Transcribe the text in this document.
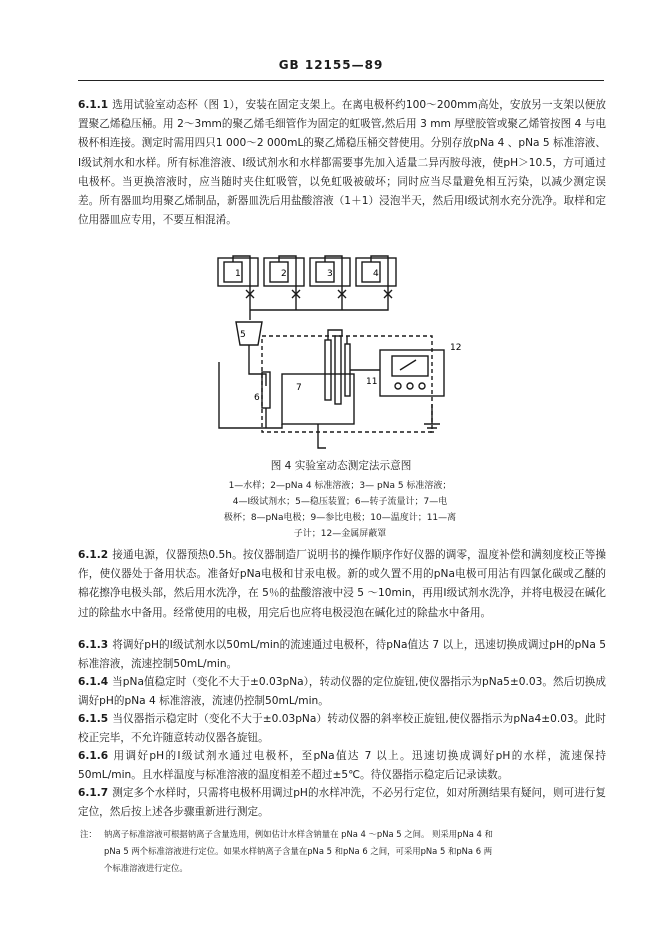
GB 12155—89

6.1.1 选用试验室动态杯（图 1），安装在固定支架上。在离电极杯约100～200mm高处，安放另一支架以便放置聚乙烯稳压桶。用 2～3mm的聚乙烯毛细管作为固定的虹吸管,然后用 3 mm 厚壁胶管或聚乙烯管按图 4 与电极杯相连接。测定时需用四只1 000～2 000mL的聚乙烯稳压桶交替使用。分别存放pNa 4 、pNa 5 标准溶液、Ⅰ级试剂水和水样。所有标准溶液、Ⅰ级试剂水和水样都需要事先加入适量二异丙胺母液，使pH＞10.5，方可通过电极杯。当更换溶液时，应当随时夹住虹吸管，以免虹吸被破坏；同时应当尽量避免相互污染，以减少测定误差。所有器皿均用聚乙烯制品，新器皿洗后用盐酸溶液（1＋1）浸泡半天，然后用Ⅰ级试剂水充分洗净。取样和定位用器皿应专用，不要互相混淆。

1	2	3	4
5
6
7
11
12
图 4 实验室动态测定法示意图
1—水样；2—pNa 4 标准溶液；3— pNa 5 标准溶液；
4—Ⅰ级试剂水；5—稳压装置；6—转子流量计；7—电
极杯；8—pNa电极；9—参比电极；10—温度计；11—离
子计；12—金属屏蔽罩

6.1.2 接通电源，仪器预热0.5h。按仪器制造厂说明书的操作顺序作好仪器的调零，温度补偿和满刻度校正等操作，使仪器处于备用状态。准备好pNa电极和甘汞电极。新的或久置不用的pNa电极可用沾有四氯化碳或乙醚的棉花擦净电极头部，然后用水洗净，在 5％的盐酸溶液中浸 5 ～10min，再用Ⅰ级试剂水洗净，并将电极浸在碱化过的除盐水中备用。经常使用的电极，用完后也应将电极浸泡在碱化过的除盐水中备用。

6.1.3 将调好pH的Ⅰ级试剂水以50mL/min的流速通过电极杯，待pNa值达 7 以上，迅速切换成调过pH的pNa 5 标准溶液，流速控制50mL/min。

6.1.4 当pNa值稳定时（变化不大于±0.03pNa），转动仪器的定位旋钮,使仪器指示为pNa5±0.03。然后切换成调好pH的pNa 4 标准溶液，流速仍控制50mL/min。

6.1.5 当仪器指示稳定时（变化不大于±0.03pNa）转动仪器的斜率校正旋钮,使仪器指示为pNa4±0.03。此时校正完毕，不允许随意转动仪器各旋钮。

6.1.6 用调好pH的Ⅰ级试剂水通过电极杯，至pNa值达 7 以上。迅速切换成调好pH的水样，流速保持50mL/min。且水样温度与标准溶液的温度相差不超过±5℃。待仪器指示稳定后记录读数。

6.1.7 测定多个水样时，只需将电极杯用调过pH的水样冲洗，不必另行定位，如对所测结果有疑问，则可进行复定位，然后按上述各步骤重新进行测定。

注： 钠离子标准溶液可根据钠离子含量选用，例如估计水样含钠量在 pNa 4 ～pNa 5 之间。 则采用pNa 4 和
pNa 5 两个标准溶液进行定位。如果水样钠离子含量在pNa 5 和pNa 6 之间，可采用pNa 5 和pNa 6 两
个标准溶液进行定位。
